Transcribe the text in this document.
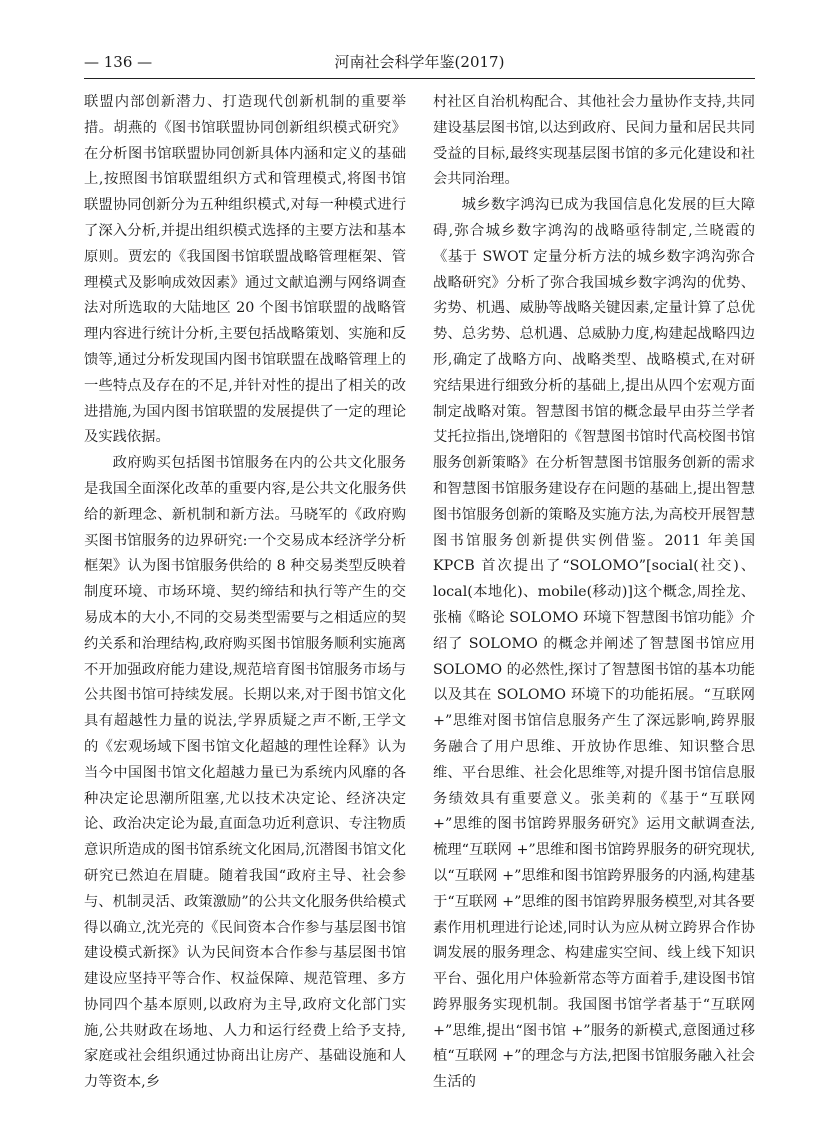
河南社会科学年鉴(2017)
— 136 —

联盟内部创新潜力、打造现代创新机制的重要举措。胡燕的《图书馆联盟协同创新组织模式研究》在分析图书馆联盟协同创新具体内涵和定义的基础上,按照图书馆联盟组织方式和管理模式,将图书馆联盟协同创新分为五种组织模式,对每一种模式进行了深入分析,并提出组织模式选择的主要方法和基本原则。贾宏的《我国图书馆联盟战略管理框架、管理模式及影响成效因素》通过文献追溯与网络调查法对所选取的大陆地区 20 个图书馆联盟的战略管理内容进行统计分析,主要包括战略策划、实施和反馈等,通过分析发现国内图书馆联盟在战略管理上的一些特点及存在的不足,并针对性的提出了相关的改进措施,为国内图书馆联盟的发展提供了一定的理论及实践依据。

政府购买包括图书馆服务在内的公共文化服务是我国全面深化改革的重要内容,是公共文化服务供给的新理念、新机制和新方法。马晓军的《政府购买图书馆服务的边界研究:一个交易成本经济学分析框架》认为图书馆服务供给的 8 种交易类型反映着制度环境、市场环境、契约缔结和执行等产生的交易成本的大小,不同的交易类型需要与之相适应的契约关系和治理结构,政府购买图书馆服务顺利实施离不开加强政府能力建设,规范培育图书馆服务市场与公共图书馆可持续发展。长期以来,对于图书馆文化具有超越性力量的说法,学界质疑之声不断,王学文的《宏观场域下图书馆文化超越的理性诠释》认为当今中国图书馆文化超越力量已为系统内风靡的各种决定论思潮所阻塞,尤以技术决定论、经济决定论、政治决定论为最,直面急功近利意识、专注物质意识所造成的图书馆系统文化困局,沉潜图书馆文化研究已然迫在眉睫。随着我国“政府主导、社会参与、机制灵活、政策激励”的公共文化服务供给模式得以确立,沈光亮的《民间资本合作参与基层图书馆建设模式新探》认为民间资本合作参与基层图书馆建设应坚持平等合作、权益保障、规范管理、多方协同四个基本原则,以政府为主导,政府文化部门实施,公共财政在场地、人力和运行经费上给予支持,家庭或社会组织通过协商出让房产、基础设施和人力等资本,乡

村社区自治机构配合、其他社会力量协作支持,共同建设基层图书馆,以达到政府、民间力量和居民共同受益的目标,最终实现基层图书馆的多元化建设和社会共同治理。

城乡数字鸿沟已成为我国信息化发展的巨大障碍,弥合城乡数字鸿沟的战略亟待制定,兰晓霞的《基于 SWOT 定量分析方法的城乡数字鸿沟弥合战略研究》分析了弥合我国城乡数字鸿沟的优势、劣势、机遇、威胁等战略关键因素,定量计算了总优势、总劣势、总机遇、总威胁力度,构建起战略四边形,确定了战略方向、战略类型、战略模式,在对研究结果进行细致分析的基础上,提出从四个宏观方面制定战略对策。智慧图书馆的概念最早由芬兰学者艾托拉指出,饶增阳的《智慧图书馆时代高校图书馆服务创新策略》在分析智慧图书馆服务创新的需求和智慧图书馆服务建设存在问题的基础上,提出智慧图书馆服务创新的策略及实施方法,为高校开展智慧图书馆服务创新提供实例借鉴。2011 年美国 KPCB 首次提出了“SOLOMO”[social(社交)、local(本地化)、mobile(移动)]这个概念,周拴龙、张楠《略论 SOLOMO 环境下智慧图书馆功能》介绍了 SOLOMO 的概念并阐述了智慧图书馆应用 SOLOMO 的必然性,探讨了智慧图书馆的基本功能以及其在 SOLOMO 环境下的功能拓展。“互联网 +”思维对图书馆信息服务产生了深远影响,跨界服务融合了用户思维、开放协作思维、知识整合思维、平台思维、社会化思维等,对提升图书馆信息服务绩效具有重要意义。张美莉的《基于“互联网 +”思维的图书馆跨界服务研究》运用文献调查法,梳理“互联网 +”思维和图书馆跨界服务的研究现状,以“互联网 +”思维和图书馆跨界服务的内涵,构建基于“互联网 +”思维的图书馆跨界服务模型,对其各要素作用机理进行论述,同时认为应从树立跨界合作协调发展的服务理念、构建虚实空间、线上线下知识平台、强化用户体验新常态等方面着手,建设图书馆跨界服务实现机制。我国图书馆学者基于“互联网 +”思维,提出“图书馆 +”服务的新模式,意图通过移植“互联网 +”的理念与方法,把图书馆服务融入社会生活的
